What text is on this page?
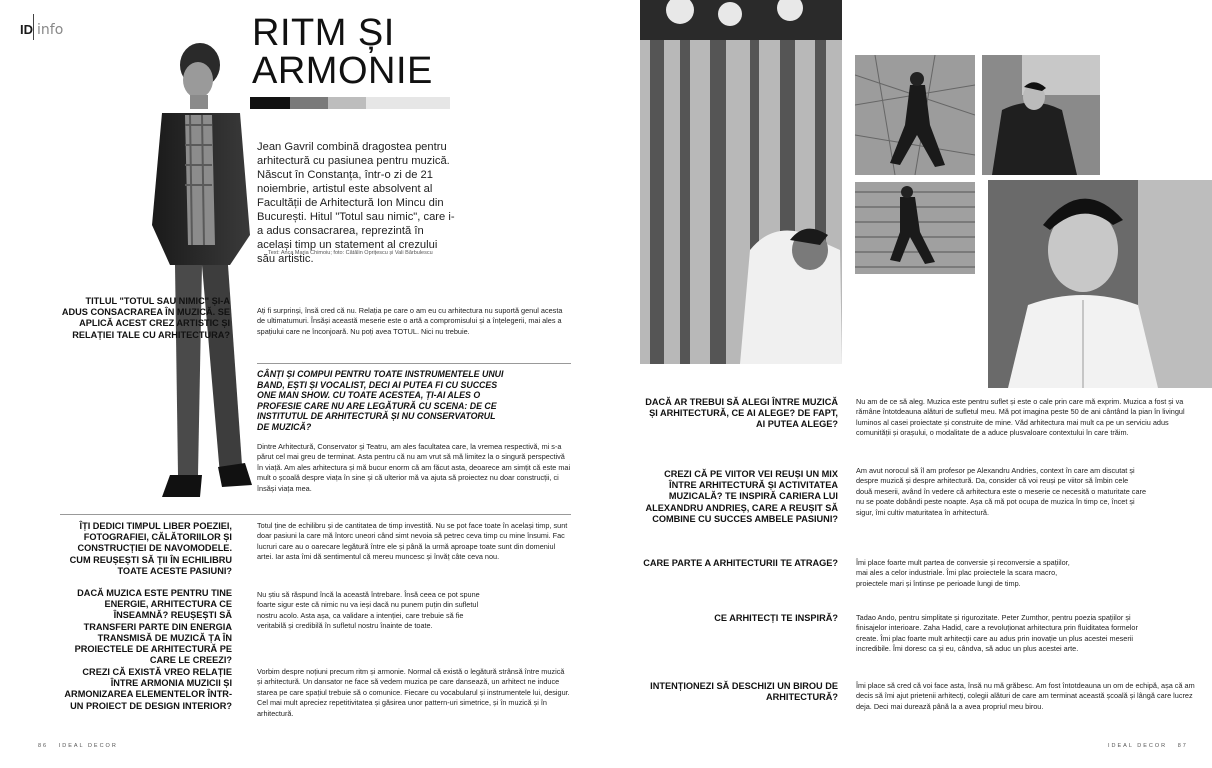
ID info	RITM ȘI
ARMONIE
Jean Gavril combină dragostea pentru arhitectură cu pasiunea pentru muzică. Născut în Constanța, într-o zi de 21 noiembrie, artistul este absolvent al Facultății de Arhitectură Ion Mincu din București. Hitul "Totul sau nimic", care i-a adus consacrarea, reprezintă în același timp un statement al crezului său artistic.
Text: Anca Maria Chimoiu; foto: Cătălin Oprițescu și Vali Bărbulescu
TITLUL "TOTUL SAU NIMIC" ȘI-A ADUS CONSACRAREA ÎN MUZICĂ. SE APLICĂ ACEST CREZ ARTISTIC ȘI RELAȚIEI TALE CU ARHITECTURA?
Ați fi surprinși, însă cred că nu. Relația pe care o am eu cu arhitectura nu suportă genul acesta de ultimatumuri. Însăși această meserie este o artă a compromisului și a înțelegerii, mai ales a spațiului care ne înconjoară. Nu poți avea TOTUL. Nici nu trebuie.
CÂNȚI ȘI COMPUI PENTRU TOATE INSTRUMENTELE UNUI BAND, EȘTI ȘI VOCALIST, DECI AI PUTEA FI CU SUCCES ONE MAN SHOW. CU TOATE ACESTEA, ȚI-AI ALES O PROFESIE CARE NU ARE LEGĂTURĂ CU SCENA: DE CE INSTITUTUL DE ARHITECTURĂ ȘI NU CONSERVATORUL DE MUZICĂ?
Dintre Arhitectură, Conservator și Teatru, am ales facultatea care, la vremea respectivă, mi s-a părut cel mai greu de terminat. Asta pentru că nu am vrut să mă limitez la o singură perspectivă în viață. Am ales arhitectura și mă bucur enorm că am făcut asta, deoarece am simțit că este mai mult o școală despre viața în sine și că ulterior mă va ajuta să proiectez nu doar construcții, ci însăși viața mea.
ÎȚI DEDICI TIMPUL LIBER POEZIEI, FOTOGRAFIEI, CĂLĂTORIILOR ȘI CONSTRUCȚIEI DE NAVOMODELE. CUM REUȘEȘTI SĂ ȚII ÎN ECHILIBRU TOATE ACESTE PASIUNI?
Totul ține de echilibru și de cantitatea de timp investită. Nu se pot face toate în același timp, sunt doar pasiuni la care mă întorc uneori când simt nevoia să petrec ceva timp cu mine însumi. Fac lucruri care au o oarecare legătură între ele și până la urmă aproape toate sunt din domeniul artei. Iar asta îmi dă sentimentul că mereu muncesc și învăț câte ceva nou.
DACĂ MUZICA ESTE PENTRU TINE ENERGIE, ARHITECTURA CE ÎNSEAMNĂ? REUȘEȘTI SĂ TRANSFERI PARTE DIN ENERGIA TRANSMISĂ DE MUZICĂ ȚA ÎN PROIECTELE DE ARHITECTURĂ PE CARE LE CREEZI?
Nu știu să răspund încă la această întrebare. Însă ceea ce pot spune foarte sigur este că nimic nu va ieși dacă nu punem puțin din sufletul nostru acolo. Asta așa, ca validare a intenției, care trebuie să fie veritabilă și credibilă în sufletul nostru înainte de toate.
CREZI CĂ EXISTĂ VREO RELAȚIE ÎNTRE ARMONIA MUZICII ȘI ARMONIZAREA ELEMENTELOR ÎNTR-UN PROIECT DE DESIGN INTERIOR?
Vorbim despre noțiuni precum ritm și armonie. Normal că există o legătură strânsă între muzică și arhitectură. Un dansator ne face să vedem muzica pe care dansează, un arhitect ne induce starea pe care spațiul trebuie să o comunice. Fiecare cu vocabularul și instrumentele lui, desigur. Cel mai mult apreciez repetitivitatea și găsirea unor pattern-uri simetrice, și în muzică și în arhitectură.
DACĂ AR TREBUI SĂ ALEGI ÎNTRE MUZICĂ ȘI ARHITECTURĂ, CE AI ALEGE? DE FAPT, AI PUTEA ALEGE?
Nu am de ce să aleg. Muzica este pentru suflet și este o cale prin care mă exprim. Muzica a fost și va rămâne întotdeauna alături de sufletul meu. Mă pot imagina peste 50 de ani cântând la pian în livingul luminos al casei proiectate și construite de mine. Văd arhitectura mai mult ca pe un serviciu adus comunității și orașului, o modalitate de a aduce plusvaloare contextului în care trăim.
CREZI CĂ PE VIITOR VEI REUȘI UN MIX ÎNTRE ARHITECTURĂ ȘI ACTIVITATEA MUZICALĂ? TE INSPIRĂ CARIERA LUI ALEXANDRU ANDRIEȘ, CARE A REUȘIT SĂ COMBINE CU SUCCES AMBELE PASIUNI?
Am avut norocul să îl am profesor pe Alexandru Andries, context în care am discutat și despre muzică și despre arhitectură. Da, consider că voi reuși pe viitor să îmbin cele două meserii, având în vedere că arhitectura este o meserie ce necesită o maturitate care nu se poate dobândi peste noapte. Așa că mă pot ocupa de muzica în timp ce, încet și sigur, îmi cultiv maturitatea în arhitectură.
CARE PARTE A ARHITECTURII TE ATRAGE? Îmi place foarte mult partea de conversie și reconversie a spațiilor, mai ales a celor industriale. Îmi plac proiectele la scara macro, proiectele mari și întinse pe perioade lungi de timp.
CE ARHITECȚI TE INSPIRĂ? Tadao Ando, pentru simplitate și rigurozitate. Peter Zumthor, pentru poezia spațiilor și finisajelor interioare. Zaha Hadid, care a revoluționat arhitectura prin fluiditatea formelor create. Îmi plac foarte mult arhitecții care au adus prin inovație un plus acestei meserii incredibile. Îmi doresc ca și eu, cândva, să aduc un plus acestei arte.
INTENȚIONEZI SĂ DESCHIZI UN BIROU DE ARHITECTURĂ?
Îmi place să cred că voi face asta, însă nu mă grăbesc. Am fost întotdeauna un om de echipă, așa că am decis să îmi ajut prietenii arhitecți, colegii alături de care am terminat această școală și lângă care lucrez deja. Deci mai durează până la a avea propriul meu birou.
86 IDEAL DECOR	IDEAL DECOR 87
